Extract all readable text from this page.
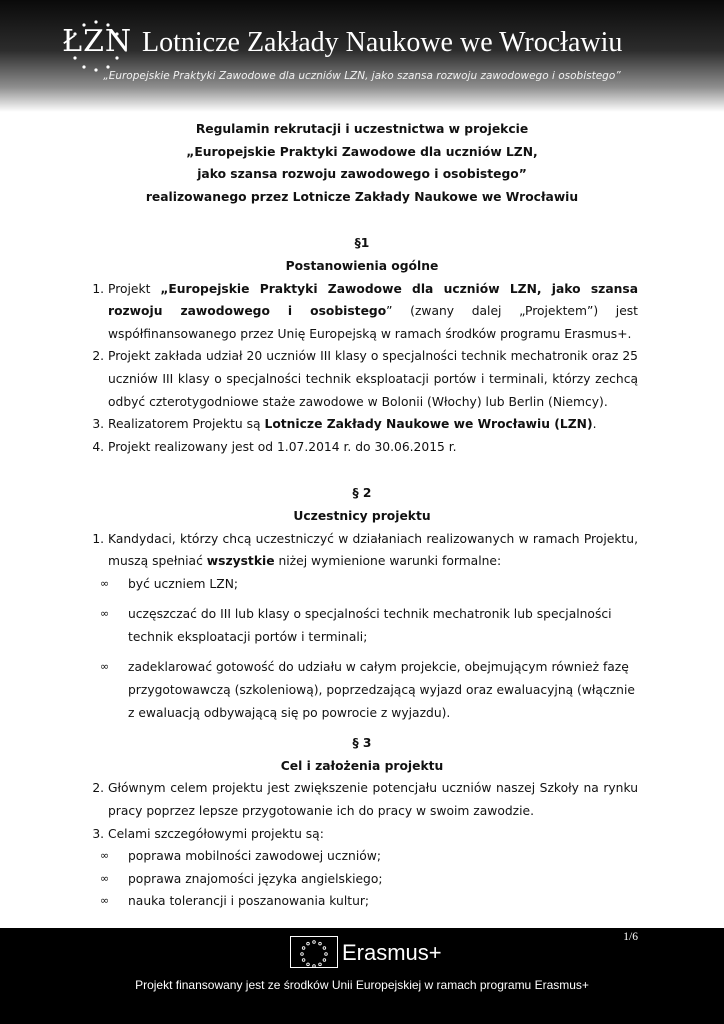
ŁZN Lotnicze Zakłady Naukowe we Wrocławiu
„Europejskie Praktyki Zawodowe dla uczniów LZN, jako szansa rozwoju zawodowego i osobistego”
Regulamin rekrutacji i uczestnictwa w projekcie
„Europejskie Praktyki Zawodowe dla uczniów LZN,
jako szansa rozwoju zawodowego i osobistego”
realizowanego przez Lotnicze Zakłady Naukowe we Wrocławiu
§1
Postanowienia ogólne
1. Projekt „Europejskie Praktyki Zawodowe dla uczniów LZN, jako szansa rozwoju zawodowego i osobistego” (zwany dalej „Projektem”) jest współfinansowanego przez Unię Europejską w ramach środków programu Erasmus+.
2. Projekt zakłada udział 20 uczniów III klasy o specjalności technik mechatronik oraz 25 uczniów III klasy o specjalności technik eksploatacji portów i terminali, którzy zechcą odbyć czterotygodniowe staże zawodowe w Bolonii (Włochy) lub Berlin (Niemcy).
3. Realizatorem Projektu są Lotnicze Zakłady Naukowe we Wrocławiu (LZN).
4. Projekt realizowany jest od 1.07.2014 r. do 30.06.2015 r.
§ 2
Uczestnicy projektu
1. Kandydaci, którzy chcą uczestniczyć w działaniach realizowanych w ramach Projektu, muszą spełniać wszystkie niżej wymienione warunki formalne:
∞ być uczniem LZN;
∞ uczęszczać do III lub klasy o specjalności technik mechatronik lub specjalności technik eksploatacji portów i terminali;
∞ zadeklarować gotowość do udziału w całym projekcie, obejmującym również fazę przygotowawczą (szkoleniową), poprzedzającą wyjazd oraz ewaluacyjną (włącznie z ewaluacją odbywającą się po powrocie z wyjazdu).
§ 3
Cel i założenia projektu
2. Głównym celem projektu jest zwiększenie potencjału uczniów naszej Szkoły na rynku pracy poprzez lepsze przygotowanie ich do pracy w swoim zawodzie.
3. Celami szczegółowymi projektu są:
∞ poprawa mobilności zawodowej uczniów;
∞ poprawa znajomości języka angielskiego;
∞ nauka tolerancji i poszanowania kultur;
1/6
Erasmus+
Projekt finansowany jest ze środków Unii Europejskiej w ramach programu Erasmus+
